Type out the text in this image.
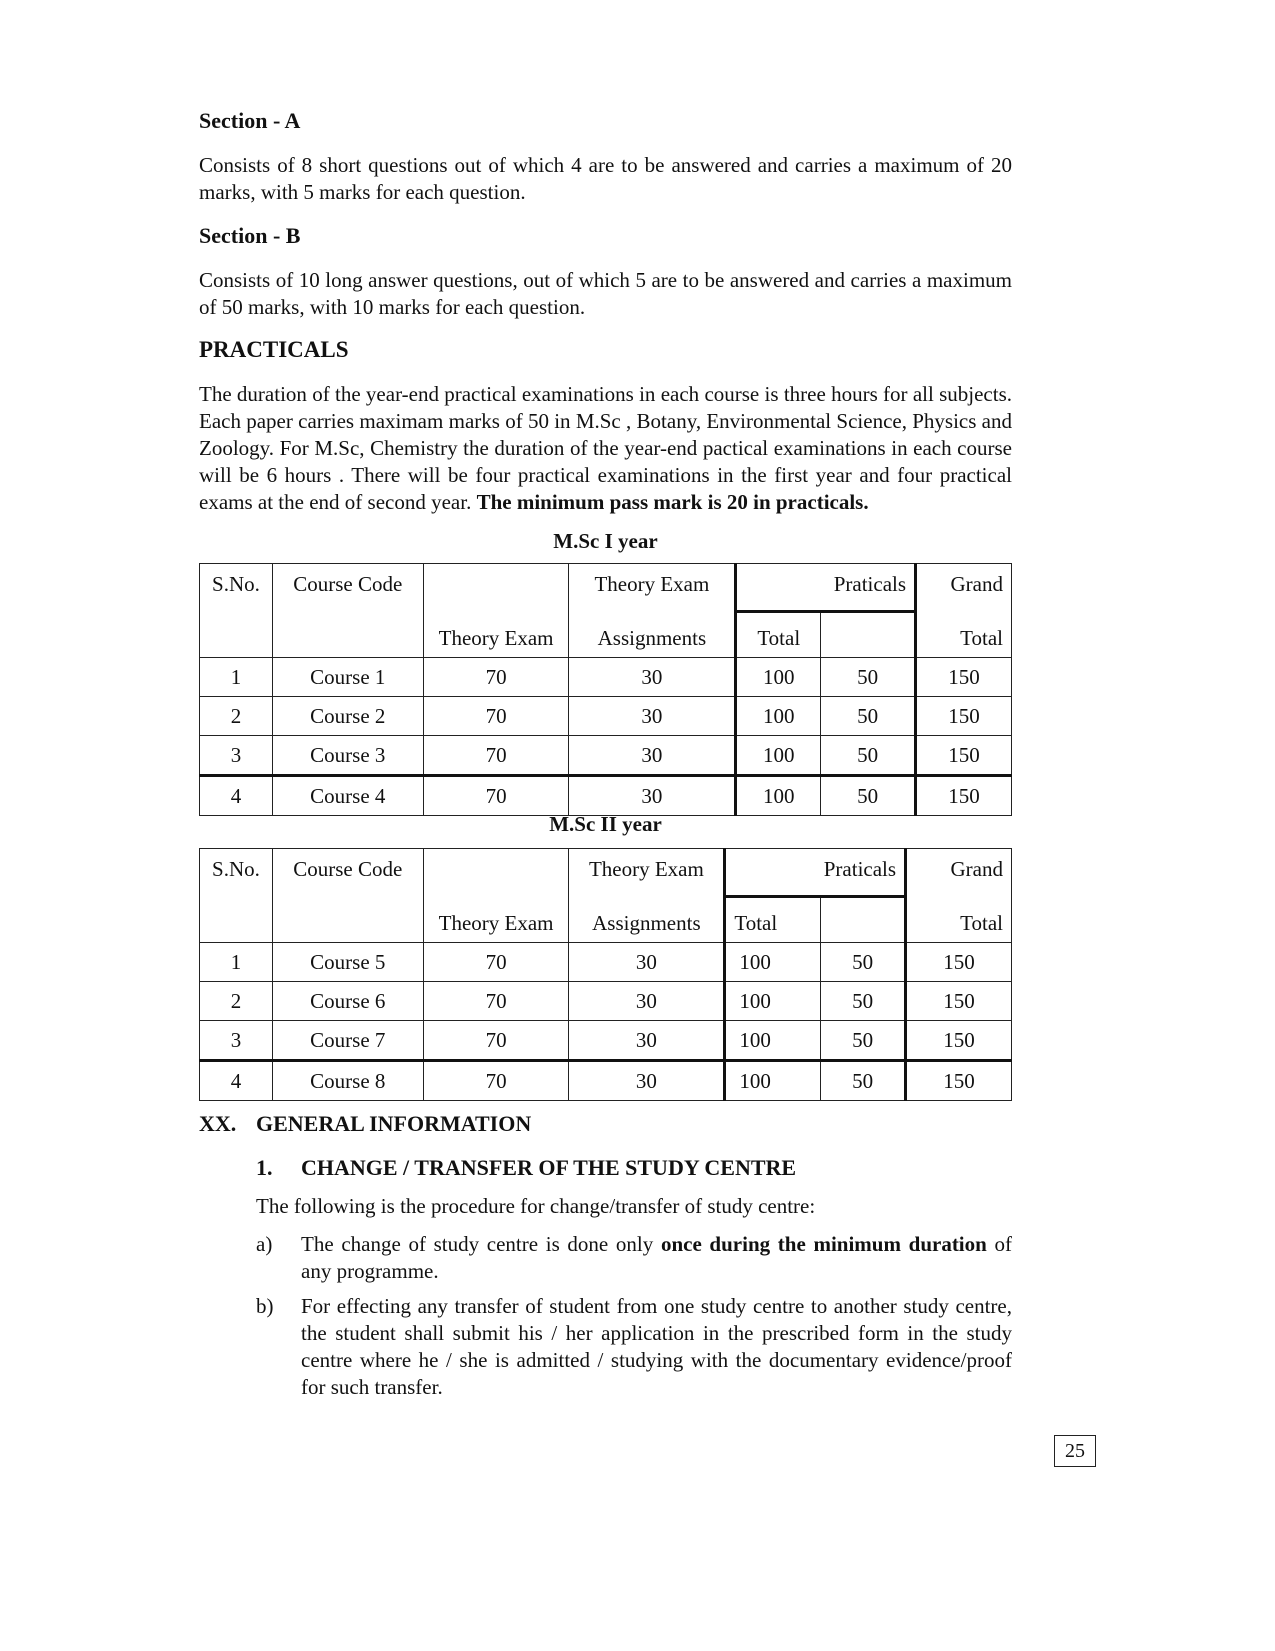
Section - A
Consists of 8 short questions out of which 4 are to be answered and carries a maximum of 20 marks, with 5 marks for each question.
Section - B
Consists of 10 long answer questions, out of which 5 are to be answered and carries a maximum of 50 marks, with 10 marks for each question.
PRACTICALS
The duration of the year-end practical examinations in each course is three hours for all subjects. Each paper carries maximam marks of 50 in M.Sc , Botany, Environmental Science, Physics and Zoology. For M.Sc, Chemistry the duration of the year-end pactical examinations in each course will be 6 hours . There will be four practical examinations in the first year and four practical exams at the end of second year. The minimum pass mark is 20 in practicals.
M.Sc I year
S.No.	Course Code		Theory Exam	Praticals		Grand
		Theory Exam	Assignments	Total		Total
1	Course 1	70	30	100	50	150
2	Course 2	70	30	100	50	150
3	Course 3	70	30	100	50	150
4	Course 4	70	30	100	50	150
M.Sc II year
S.No.	Course Code		Theory Exam	Praticals		Grand
		Theory Exam	Assignments	Total		Total
1	Course 5	70	30	100	50	150
2	Course 6	70	30	100	50	150
3	Course 7	70	30	100	50	150
4	Course 8	70	30	100	50	150
XX. GENERAL INFORMATION
1. CHANGE / TRANSFER OF THE STUDY CENTRE
The following is the procedure for change/transfer of study centre:
a) The change of study centre is done only once during the minimum duration of any programme.
b) For effecting any transfer of student from one study centre to another study centre, the student shall submit his / her application in the prescribed form in the study centre where he / she is admitted / studying with the documentary evidence/proof for such transfer.
25
